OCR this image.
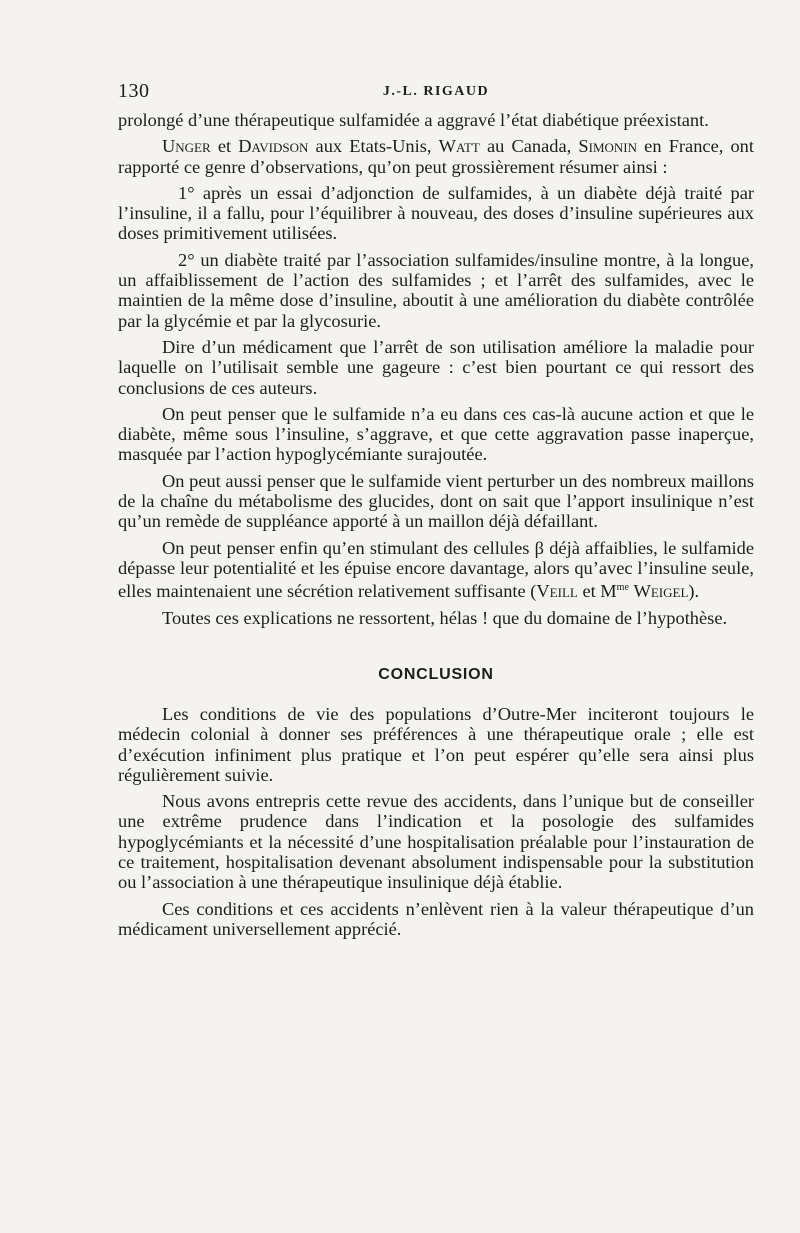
130	J.-L. RIGAUD

prolongé d’une thérapeutique sulfamidée a aggravé l’état diabétique préexistant.

Unger et Davidson aux Etats-Unis, Watt au Canada, Simonin en France, ont rapporté ce genre d’observations, qu’on peut grossièrement résumer ainsi :

1° après un essai d’adjonction de sulfamides, à un diabète déjà traité par l’insuline, il a fallu, pour l’équilibrer à nouveau, des doses d’insuline supérieures aux doses primitivement utilisées.

2° un diabète traité par l’association sulfamides/insuline montre, à la longue, un affaiblissement de l’action des sulfamides ; et l’arrêt des sulfamides, avec le maintien de la même dose d’insuline, aboutit à une amélioration du diabète contrôlée par la glycémie et par la glycosurie.

Dire d’un médicament que l’arrêt de son utilisation améliore la maladie pour laquelle on l’utilisait semble une gageure : c’est bien pourtant ce qui ressort des conclusions de ces auteurs.

On peut penser que le sulfamide n’a eu dans ces cas-là aucune action et que le diabète, même sous l’insuline, s’aggrave, et que cette aggravation passe inaperçue, masquée par l’action hypoglycémiante surajoutée.

On peut aussi penser que le sulfamide vient perturber un des nombreux maillons de la chaîne du métabolisme des glucides, dont on sait que l’apport insulinique n’est qu’un remède de suppléance apporté à un maillon déjà défaillant.

On peut penser enfin qu’en stimulant des cellules β déjà affaiblies, le sulfamide dépasse leur potentialité et les épuise encore davantage, alors qu’avec l’insuline seule, elles maintenaient une sécrétion relativement suffisante (Veill et $M^{me}$ Weigel).

Toutes ces explications ne ressortent, hélas ! que du domaine de l’hypothèse.

CONCLUSION

Les conditions de vie des populations d’Outre-Mer inciteront toujours le médecin colonial à donner ses préférences à une thérapeutique orale ; elle est d’exécution infiniment plus pratique et l’on peut espérer qu’elle sera ainsi plus régulièrement suivie.

Nous avons entrepris cette revue des accidents, dans l’unique but de conseiller une extrême prudence dans l’indication et la posologie des sulfamides hypoglycémiants et la nécessité d’une hospitalisation préalable pour l’instauration de ce traitement, hospitalisation devenant absolument indispensable pour la substitution ou l’association à une thérapeutique insulinique déjà établie.

Ces conditions et ces accidents n’enlèvent rien à la valeur thérapeutique d’un médicament universellement apprécié.
